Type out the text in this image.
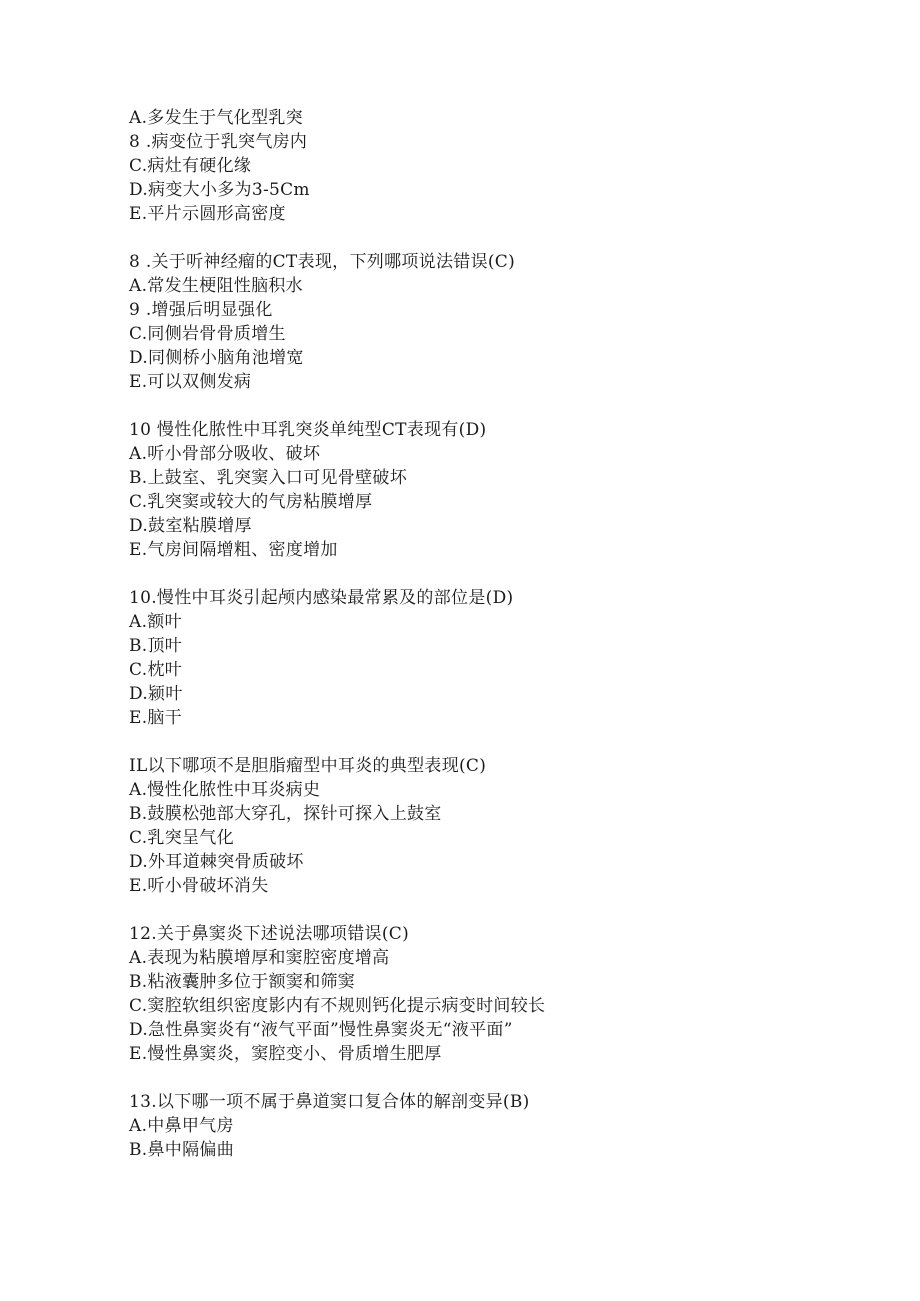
A.多发生于气化型乳突
8 .病变位于乳突气房内
C.病灶有硬化缘
D.病变大小多为3-5Cm
E.平片示圆形高密度
8 .关于听神经瘤的CT表现，下列哪项说法错误(C)
A.常发生梗阻性脑积水
9 .增强后明显强化
C.同侧岩骨骨质增生
D.同侧桥小脑角池增宽
E.可以双侧发病
10 慢性化脓性中耳乳突炎单纯型CT表现有(D)
A.听小骨部分吸收、破坏
B.上鼓室、乳突窦入口可见骨壁破坏
C.乳突窦或较大的气房粘膜增厚
D.鼓室粘膜增厚
E.气房间隔增粗、密度增加
10.慢性中耳炎引起颅内感染最常累及的部位是(D)
A.额叶
B.顶叶
C.枕叶
D.颍叶
E.脑干
IL以下哪项不是胆脂瘤型中耳炎的典型表现(C)
A.慢性化脓性中耳炎病史
B.鼓膜松弛部大穿孔，探针可探入上鼓室
C.乳突呈气化
D.外耳道棘突骨质破坏
E.听小骨破坏消失
12.关于鼻窦炎下述说法哪项错误(C)
A.表现为粘膜增厚和窦腔密度增高
B.粘液囊肿多位于额窦和筛窦
C.窦腔软组织密度影内有不规则钙化提示病变时间较长
D.急性鼻窦炎有“液气平面”慢性鼻窦炎无“液平面”
E.慢性鼻窦炎，窦腔变小、骨质增生肥厚
13.以下哪一项不属于鼻道窦口复合体的解剖变异(B)
A.中鼻甲气房
B.鼻中隔偏曲
